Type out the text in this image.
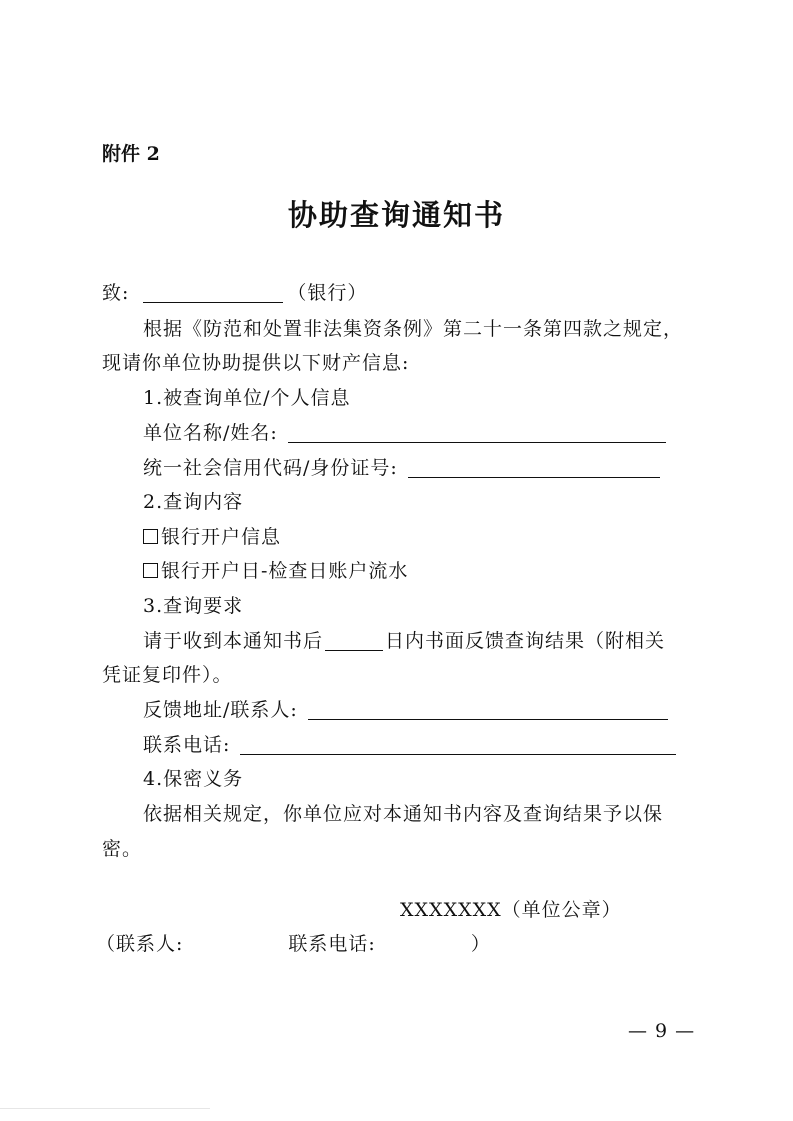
附件 2
协助查询通知书
致:	（银行）
根据《防范和处置非法集资条例》第二十一条第四款之规定，
现请你单位协助提供以下财产信息:
1.被查询单位/个人信息
单位名称/姓名:
统一社会信用代码/身份证号:
2.查询内容
银行开户信息
银行开户日-检查日账户流水
3.查询要求
请于收到本通知书后	日内书面反馈查询结果（附相关
凭证复印件）。
反馈地址/联系人:
联系电话:
4.保密义务
依据相关规定，你单位应对本通知书内容及查询结果予以保
密。
XXXXXXX（单位公章）
（联系人:	联系电话:	）
— 9 —
